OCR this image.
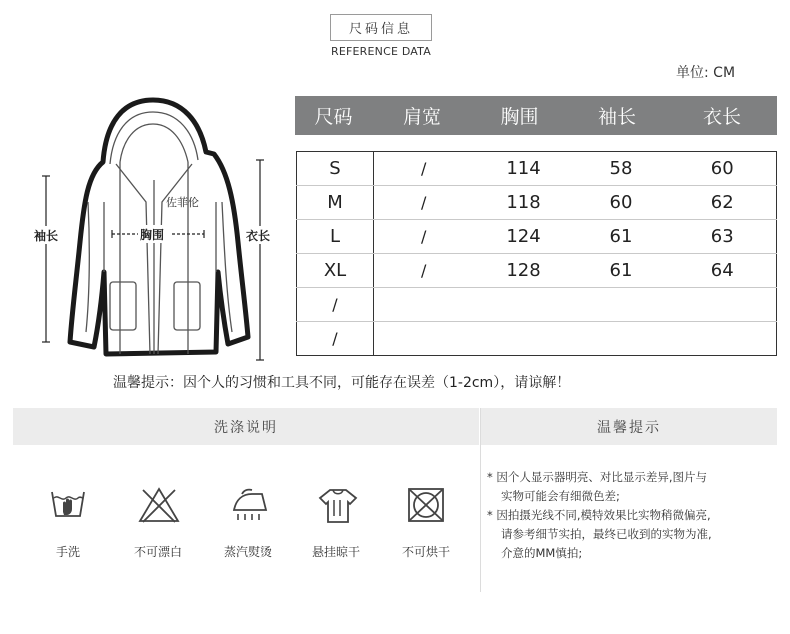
尺码信息
REFERENCE DATA
单位: CM
袖长	胸围	衣长
佐菲伦
尺码	肩宽	胸围	袖长	衣长
S	/	114	58	60
M	/	118	60	62
L	/	124	61	63
XL	/	128	61	64
/				
/				
温馨提示：因个人的习惯和工具不同，可能存在误差（1-2cm），请谅解！
洗涤说明	温馨提示
手洗	不可漂白	蒸汽熨烫	悬挂晾干	不可烘干

* 因个人显示器明亮、对比显示差异,图片与

实物可能会有细微色差;

* 因拍摄光线不同,模特效果比实物稍微偏亮,

请参考细节实拍，最终已收到的实物为准,

介意的MM慎拍;
